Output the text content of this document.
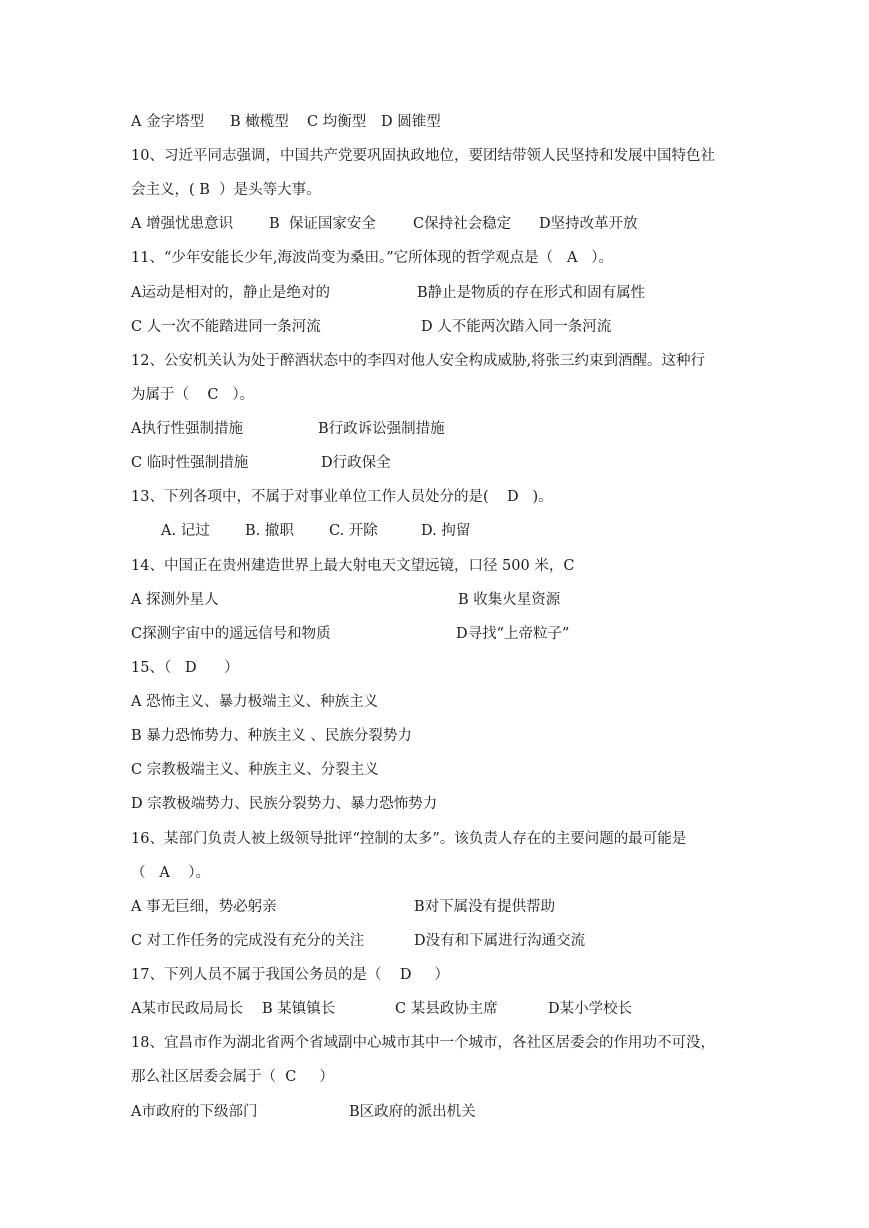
A 金字塔型

B 橄榄型

C 均衡型

D 圆锥型

10、习近平同志强调，中国共产党要巩固执政地位，要团结带领人民坚持和发展中国特色社
会主义，( B  ）是头等大事。

A 增强忧患意识

B  保证国家安全

	C保持社会稳定

D坚持改革开放

11、“少年安能长少年,海波尚变为桑田。”它所体现的哲学观点是（   A   ）。

A运动是相对的，静止是绝对的

	B静止是物质的存在形式和固有属性

C 人一次不能踏进同一条河流

	D 人不能两次踏入同一条河流

12、公安机关认为处于醉酒状态中的李四对他人安全构成威胁,将张三约束到酒醒。这种行
为属于（    C   ）。

A执行性强制措施

	B行政诉讼强制措施

C 临时性强制措施

	D行政保全

13、下列各项中，不属于对事业单位工作人员处分的是(    D   )。

A. 记过

B. 撤职

C. 开除

	D. 拘留

14、中国正在贵州建造世界上最大射电天文望远镜，口径 500 米，C

A 探测外星人

	B 收集火星资源

C探测宇宙中的遥远信号和物质

	D寻找“上帝粒子”

15、（   D      ）
A 恐怖主义、暴力极端主义、种族主义
B 暴力恐怖势力、种族主义 、民族分裂势力
C 宗教极端主义、种族主义、分裂主义
D 宗教极端势力、民族分裂势力、暴力恐怖势力
16、某部门负责人被上级领导批评“控制的太多”。该负责人存在的主要问题的最可能是
（   A    ）。

A 事无巨细，势必躬亲

	B对下属没有提供帮助

C 对工作任务的完成没有充分的关注

	D没有和下属进行沟通交流

17、下列人员不属于我国公务员的是（    D     ）

A某市民政局局长

B 某镇镇长

	C 某县政协主席

	D某小学校长

18、宜昌市作为湖北省两个省域副中心城市其中一个城市，各社区居委会的作用功不可没，
那么社区居委会属于（  C     ）

A市政府的下级部门

	B区政府的派出机关
